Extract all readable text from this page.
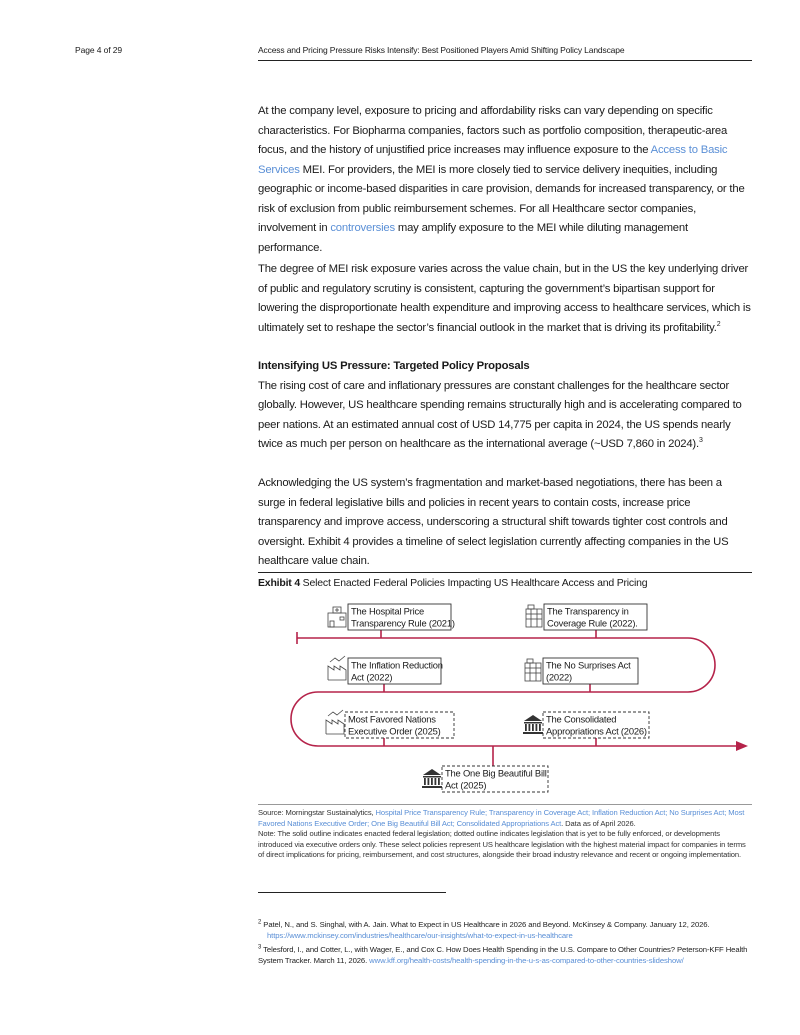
Page 4 of 29	Access and Pricing Pressure Risks Intensify: Best Positioned Players Amid Shifting Policy Landscape

At the company level, exposure to pricing and affordability risks can vary depending on specific characteristics. For Biopharma companies, factors such as portfolio composition, therapeutic-area focus, and the history of unjustified price increases may influence exposure to the Access to Basic Services MEI. For providers, the MEI is more closely tied to service delivery inequities, including geographic or income-based disparities in care provision, demands for increased transparency, or the risk of exclusion from public reimbursement schemes. For all Healthcare sector companies, involvement in controversies may amplify exposure to the MEI while diluting management performance.

The degree of MEI risk exposure varies across the value chain, but in the US the key underlying driver of public and regulatory scrutiny is consistent, capturing the government’s bipartisan support for lowering the disproportionate health expenditure and improving access to healthcare services, which is ultimately set to reshape the sector’s financial outlook in the market that is driving its profitability.$^2$

Intensifying US Pressure: Targeted Policy Proposals

The rising cost of care and inflationary pressures are constant challenges for the healthcare sector globally. However, US healthcare spending remains structurally high and is accelerating compared to peer nations. At an estimated annual cost of USD 14,775 per capita in 2024, the US spends nearly twice as much per person on healthcare as the international average (~USD 7,860 in 2024).$^3$

Acknowledging the US system’s fragmentation and market-based negotiations, there has been a surge in federal legislative bills and policies in recent years to contain costs, increase price transparency and improve access, underscoring a structural shift towards tighter cost controls and oversight. Exhibit 4 provides a timeline of select legislation currently affecting companies in the US healthcare value chain.

Exhibit 4 Select Enacted Federal Policies Impacting US Healthcare Access and Pricing
The Hospital Price
Transparency Rule (2021)
The Transparency in
Coverage Rule (2022).
The Inflation Reduction
Act (2022)
The No Surprises Act
(2022)
Most Favored Nations
Executive Order (2025)
The Consolidated
Appropriations Act (2026)
The One Big Beautiful Bill
Act (2025)

Source: Morningstar Sustainalytics, Hospital Price Transparency Rule; Transparency in Coverage Act; Inflation Reduction Act; No Surprises Act; Most Favored Nations Executive Order; One Big Beautiful Bill Act; Consolidated Appropriations Act. Data as of April 2026.

Note: The solid outline indicates enacted federal legislation; dotted outline indicates legislation that is yet to be fully enforced, or developments introduced via executive orders only. These select policies represent US healthcare legislation with the highest material impact for companies in terms of direct implications for pricing, reimbursement, and cost structures, alongside their broad industry relevance and recent or ongoing implementation.

$^2$ Patel, N., and S. Singhal, with A. Jain. What to Expect in US Healthcare in 2026 and Beyond. McKinsey & Company. January 12, 2026.
https://www.mckinsey.com/industries/healthcare/our-insights/what-to-expect-in-us-healthcare

$^3$ Telesford, I., and Cotter, L., with Wager, E., and Cox C. How Does Health Spending in the U.S. Compare to Other Countries? Peterson-KFF Health System Tracker. March 11, 2026. www.kff.org/health-costs/health-spending-in-the-u-s-as-compared-to-other-countries-slideshow/
